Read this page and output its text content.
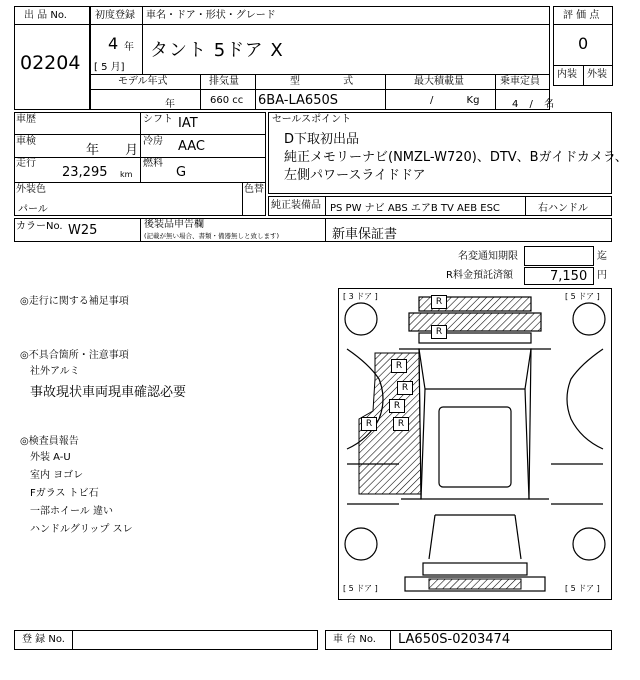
出 品 No.
02204
初度登録 車名・ドア・形状・グレード
4 年
[ 5 月]
タント 5ドア X
モデル年式	排気量	型 式	最大積載量	乗車定員
年	660 cc 6BA-LA650S	/ Kg	4 / 名
評 価 点
0
内装 外装
車歴	シフト IAT
車検
年 月
冷房 AAC
走行
23,295 km
燃料
G
外装色
パール
色替
セールスポイント
D下取初出品
純正メモリーナビ(NMZL-W720)、DTV、Bガイドカメラ、
左側パワースライドドア
純正装備品 PS PW ナビ ABS エアB TV AEB ESC	右ハンドル
カラーNo. W25	後装品申告欄
(記載が無い場合、書類・備器無しと致します)	新車保証書
名変通知期限	迄
R料金預託済額	7,150 円
◎走行に関する補足事項
◎不具合箇所・注意事項
社外アルミ
事故現状車両現車確認必要
◎検査員報告
外装 A-U
室内 ヨゴレ
Fガラス トビ石
一部ホイール 違い
ハンドルグリップ スレ
R
R
R
R
R
R	R
[ 3 ドア ]	[ 5 ドア ]
[ 5 ドア ]	[ 5 ドア ]
登 録 No.	車 台 No. LA650S-0203474
